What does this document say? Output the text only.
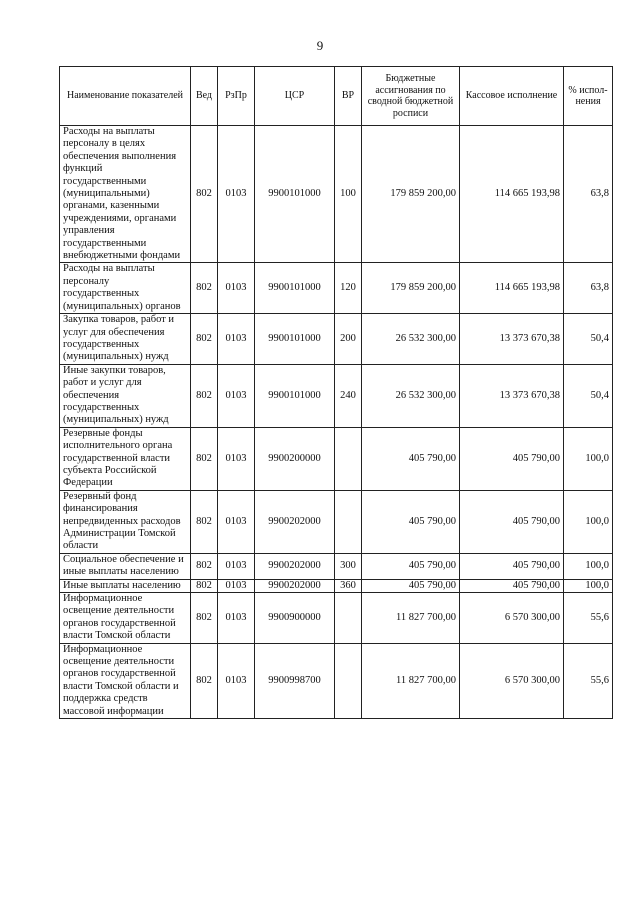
9
Наименование показателей	Вед	РзПр	ЦСР	ВР	Бюджетные ассигнования по сводной бюджетной росписи	Кассовое исполнение	% испол-нения
Расходы на выплаты персоналу в целях обеспечения выполнения функций государственными (муниципальными) органами, казенными учреждениями, органами управления государственными внебюджетными фондами	802	0103	9900101000	100	179 859 200,00	114 665 193,98	63,8
Расходы на выплаты персоналу государственных (муниципальных) органов	802	0103	9900101000	120	179 859 200,00	114 665 193,98	63,8
Закупка товаров, работ и услуг для обеспечения государственных (муниципальных) нужд	802	0103	9900101000	200	26 532 300,00	13 373 670,38	50,4
Иные закупки товаров, работ и услуг для обеспечения государственных (муниципальных) нужд	802	0103	9900101000	240	26 532 300,00	13 373 670,38	50,4
Резервные фонды исполнительного органа государственной власти субъекта Российской Федерации	802	0103	9900200000		405 790,00	405 790,00	100,0
Резервный фонд финансирования непредвиденных расходов Администрации Томской области	802	0103	9900202000		405 790,00	405 790,00	100,0
Социальное обеспечение и иные выплаты населению	802	0103	9900202000	300	405 790,00	405 790,00	100,0
Иные выплаты населению	802	0103	9900202000	360	405 790,00	405 790,00	100,0
Информационное освещение деятельности органов государственной власти Томской области	802	0103	9900900000		11 827 700,00	6 570 300,00	55,6
Информационное освещение деятельности органов государственной власти Томской области и поддержка средств массовой информации	802	0103	9900998700		11 827 700,00	6 570 300,00	55,6
